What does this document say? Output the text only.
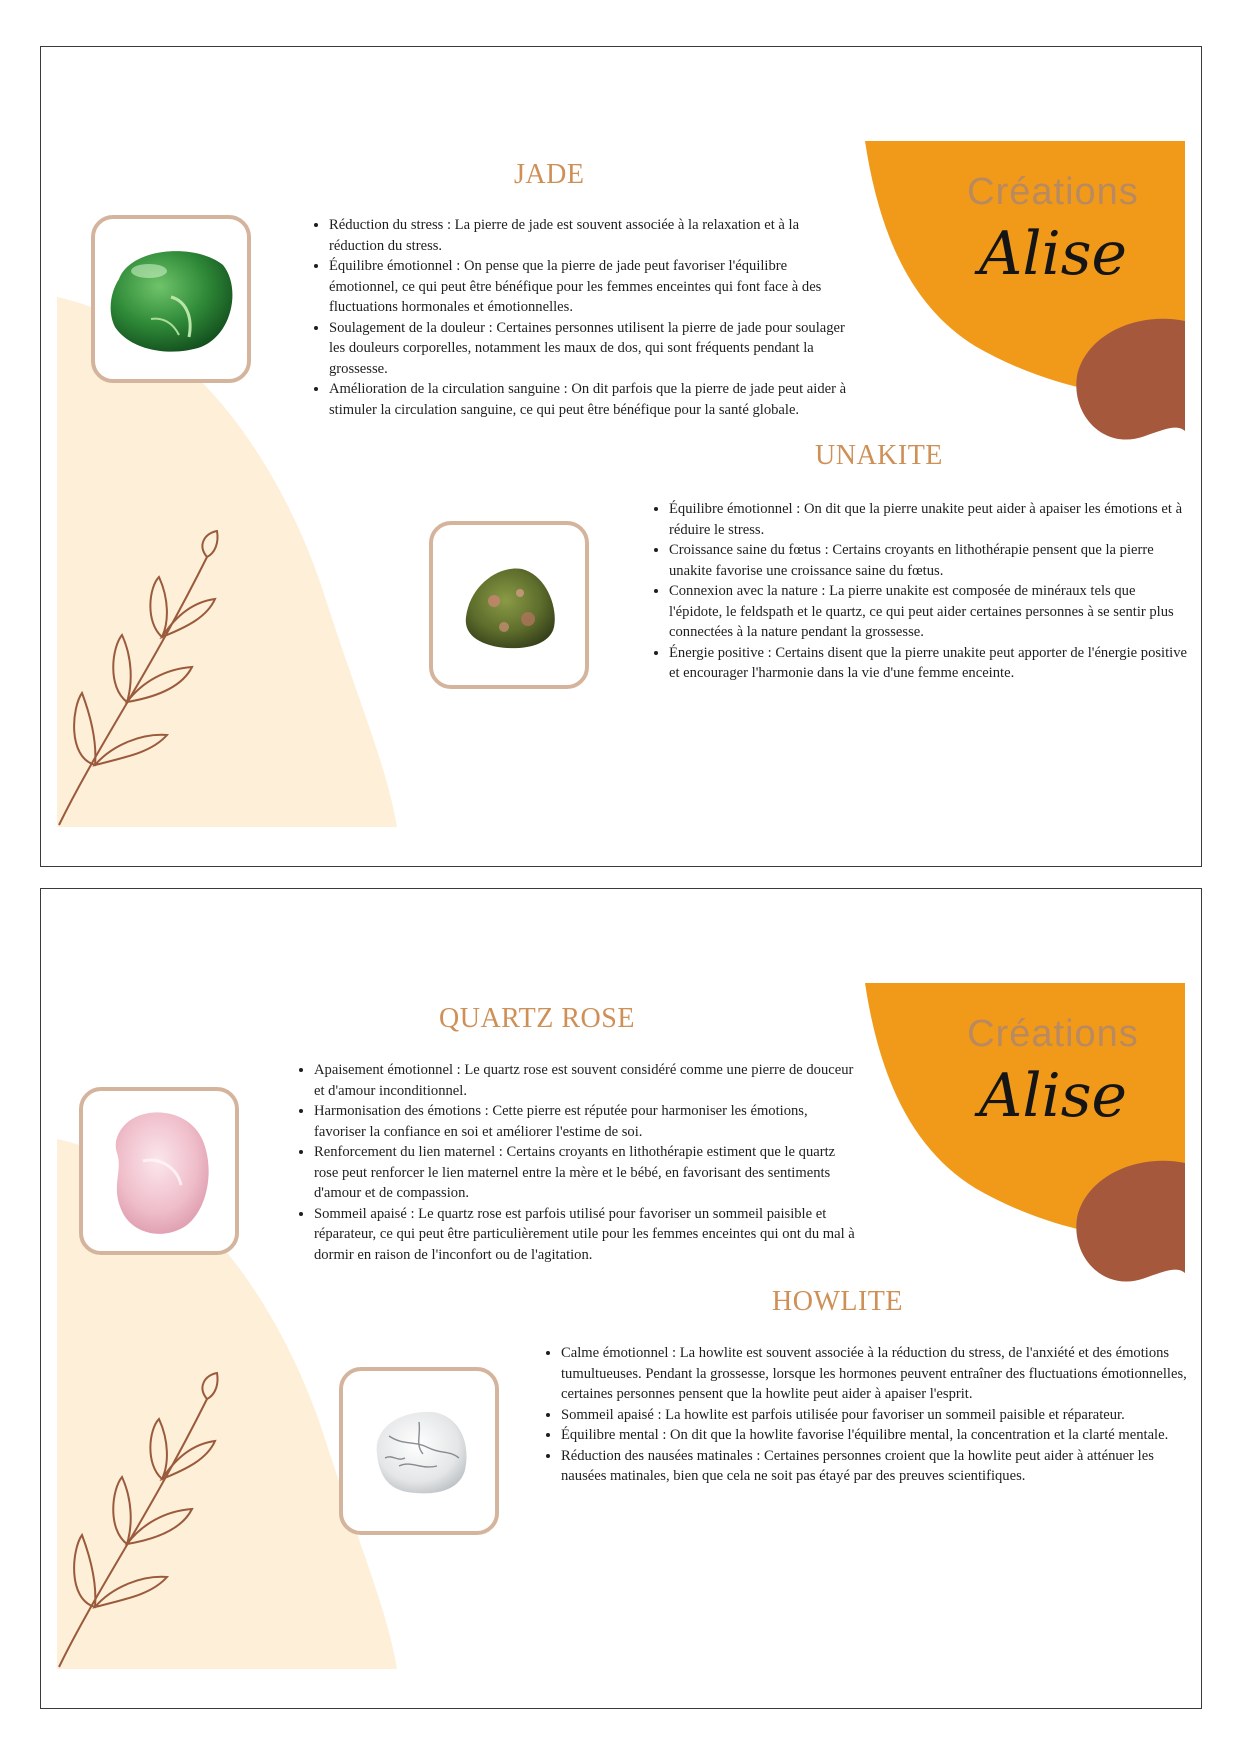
Créations
Alise
JADE
• Réduction du stress : La pierre de jade est souvent associée à la relaxation et à la réduction du stress.
• Équilibre émotionnel : On pense que la pierre de jade peut favoriser l'équilibre émotionnel, ce qui peut être bénéfique pour les femmes enceintes qui font face à des fluctuations hormonales et émotionnelles.
• Soulagement de la douleur : Certaines personnes utilisent la pierre de jade pour soulager les douleurs corporelles, notamment les maux de dos, qui sont fréquents pendant la grossesse.
• Amélioration de la circulation sanguine : On dit parfois que la pierre de jade peut aider à stimuler la circulation sanguine, ce qui peut être bénéfique pour la santé globale.
UNAKITE
• Équilibre émotionnel : On dit que la pierre unakite peut aider à apaiser les émotions et à réduire le stress.
• Croissance saine du fœtus : Certains croyants en lithothérapie pensent que la pierre unakite favorise une croissance saine du fœtus.
• Connexion avec la nature : La pierre unakite est composée de minéraux tels que l'épidote, le feldspath et le quartz, ce qui peut aider certaines personnes à se sentir plus connectées à la nature pendant la grossesse.
• Énergie positive : Certains disent que la pierre unakite peut apporter de l'énergie positive et encourager l'harmonie dans la vie d'une femme enceinte.
Créations
Alise
QUARTZ ROSE
• Apaisement émotionnel : Le quartz rose est souvent considéré comme une pierre de douceur et d'amour inconditionnel.
• Harmonisation des émotions : Cette pierre est réputée pour harmoniser les émotions, favoriser la confiance en soi et améliorer l'estime de soi.
• Renforcement du lien maternel : Certains croyants en lithothérapie estiment que le quartz rose peut renforcer le lien maternel entre la mère et le bébé, en favorisant des sentiments d'amour et de compassion.
• Sommeil apaisé : Le quartz rose est parfois utilisé pour favoriser un sommeil paisible et réparateur, ce qui peut être particulièrement utile pour les femmes enceintes qui ont du mal à dormir en raison de l'inconfort ou de l'agitation.
HOWLITE
• Calme émotionnel : La howlite est souvent associée à la réduction du stress, de l'anxiété et des émotions tumultueuses. Pendant la grossesse, lorsque les hormones peuvent entraîner des fluctuations émotionnelles, certaines personnes pensent que la howlite peut aider à apaiser l'esprit.
• Sommeil apaisé : La howlite est parfois utilisée pour favoriser un sommeil paisible et réparateur.
• Équilibre mental : On dit que la howlite favorise l'équilibre mental, la concentration et la clarté mentale.
• Réduction des nausées matinales : Certaines personnes croient que la howlite peut aider à atténuer les nausées matinales, bien que cela ne soit pas étayé par des preuves scientifiques.
